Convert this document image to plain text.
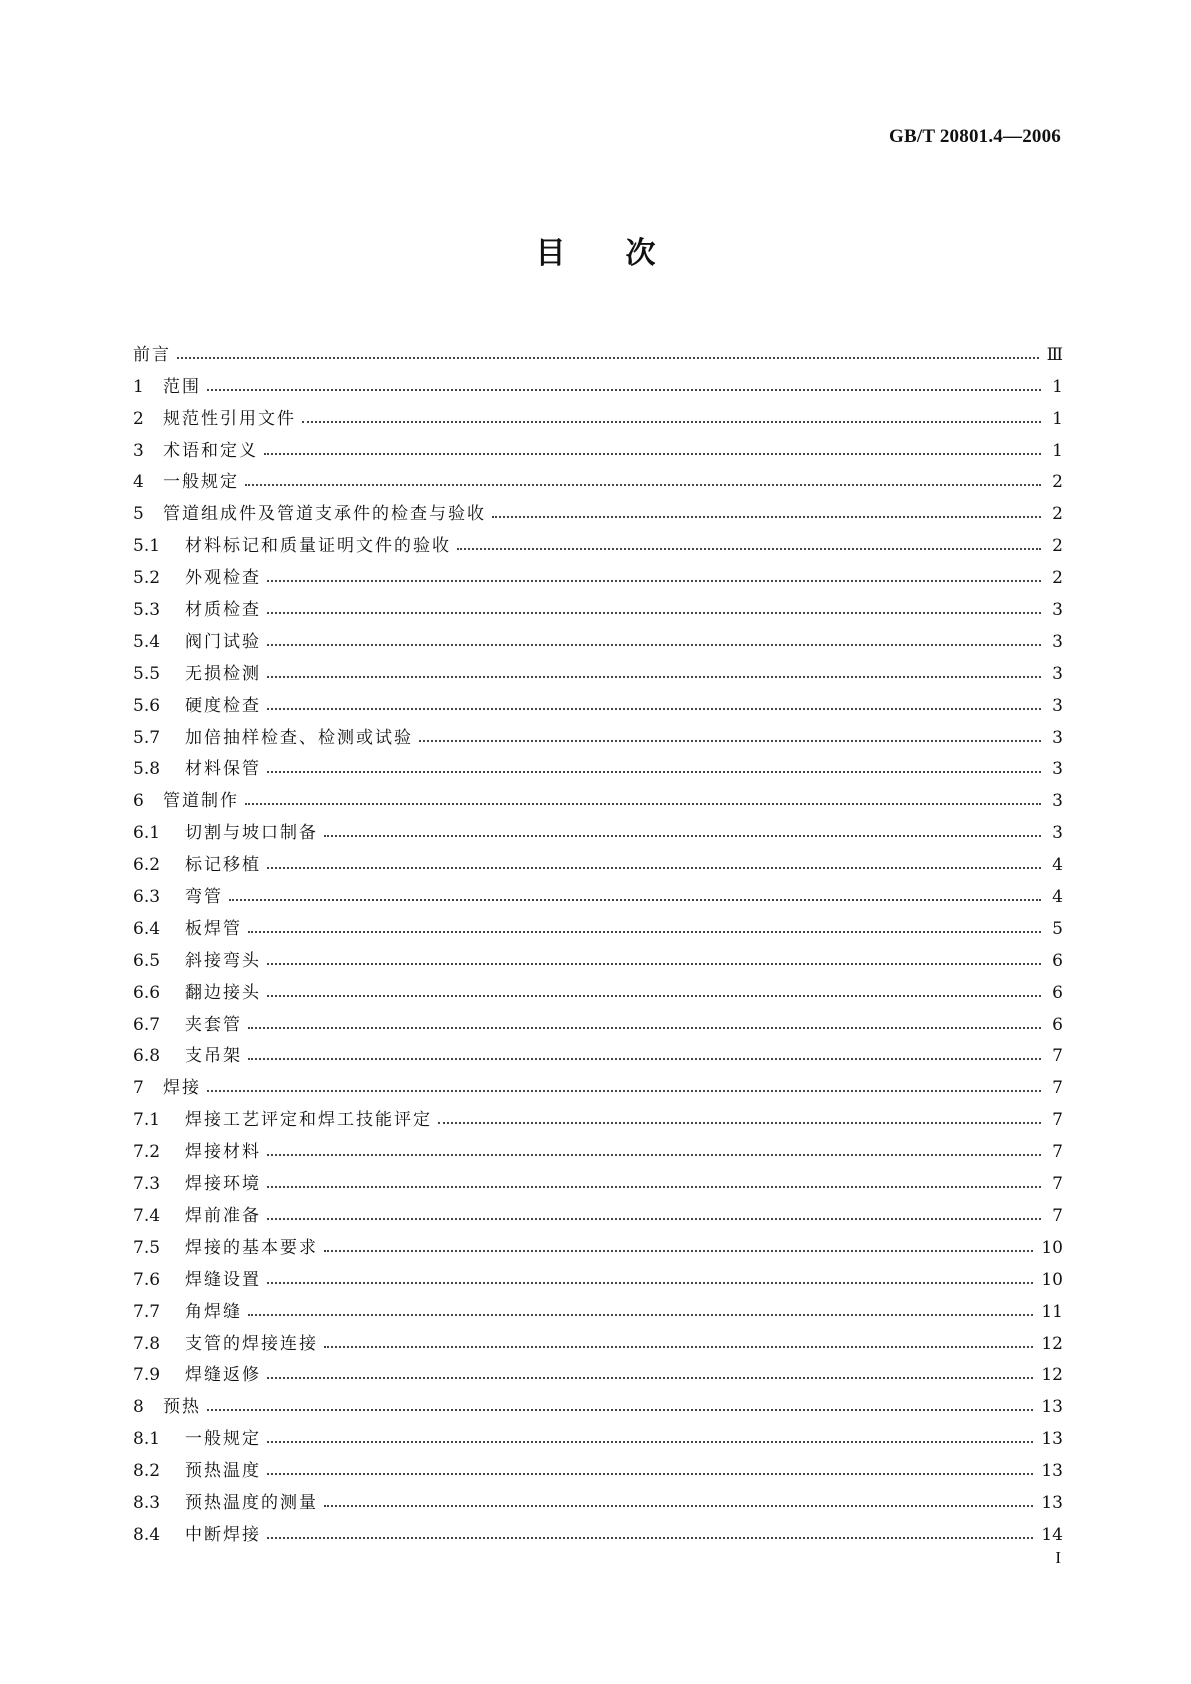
GB/T 20801.4—2006
目 次
前言	Ⅲ
1	范围	1
2	规范性引用文件	1
3	术语和定义	1
4	一般规定	2
5	管道组成件及管道支承件的检查与验收	2
5.1	材料标记和质量证明文件的验收	2
5.2	外观检查	2
5.3	材质检查	3
5.4	阀门试验	3
5.5	无损检测	3
5.6	硬度检查	3
5.7	加倍抽样检查、检测或试验	3
5.8	材料保管	3
6	管道制作	3
6.1	切割与坡口制备	3
6.2	标记移植	4
6.3	弯管	4
6.4	板焊管	5
6.5	斜接弯头	6
6.6	翻边接头	6
6.7	夹套管	6
6.8	支吊架	7
7	焊接	7
7.1	焊接工艺评定和焊工技能评定	7
7.2	焊接材料	7
7.3	焊接环境	7
7.4	焊前准备	7
7.5	焊接的基本要求	10
7.6	焊缝设置	10
7.7	角焊缝	11
7.8	支管的焊接连接	12
7.9	焊缝返修	12
8	预热	13
8.1	一般规定	13
8.2	预热温度	13
8.3	预热温度的测量	13
8.4	中断焊接	14
I
